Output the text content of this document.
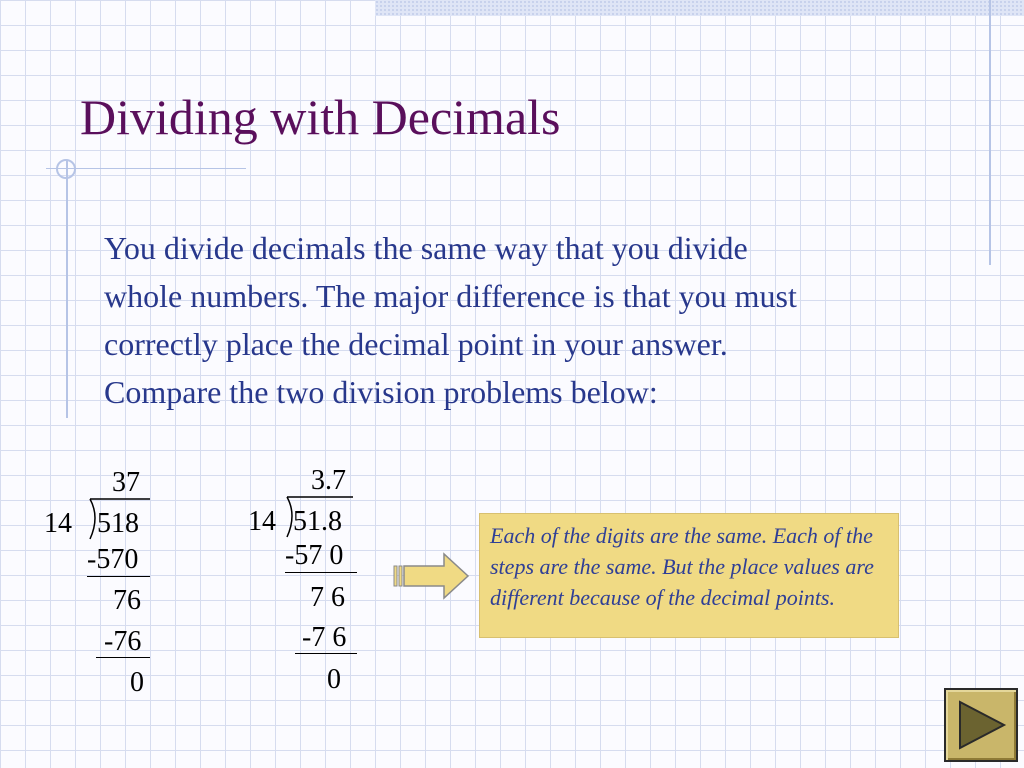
Dividing with Decimals
You divide decimals the same way that you divide
whole numbers. The major difference is that you must
correctly place the decimal point in your answer.
Compare the two division problems below:
37
14 518
-570
76
-76
0
3.7
14 51.8
-57 0
7 6
-7 6
0
Each of the digits are the same. Each of the steps are the same. But the place values are different because of the decimal points.
